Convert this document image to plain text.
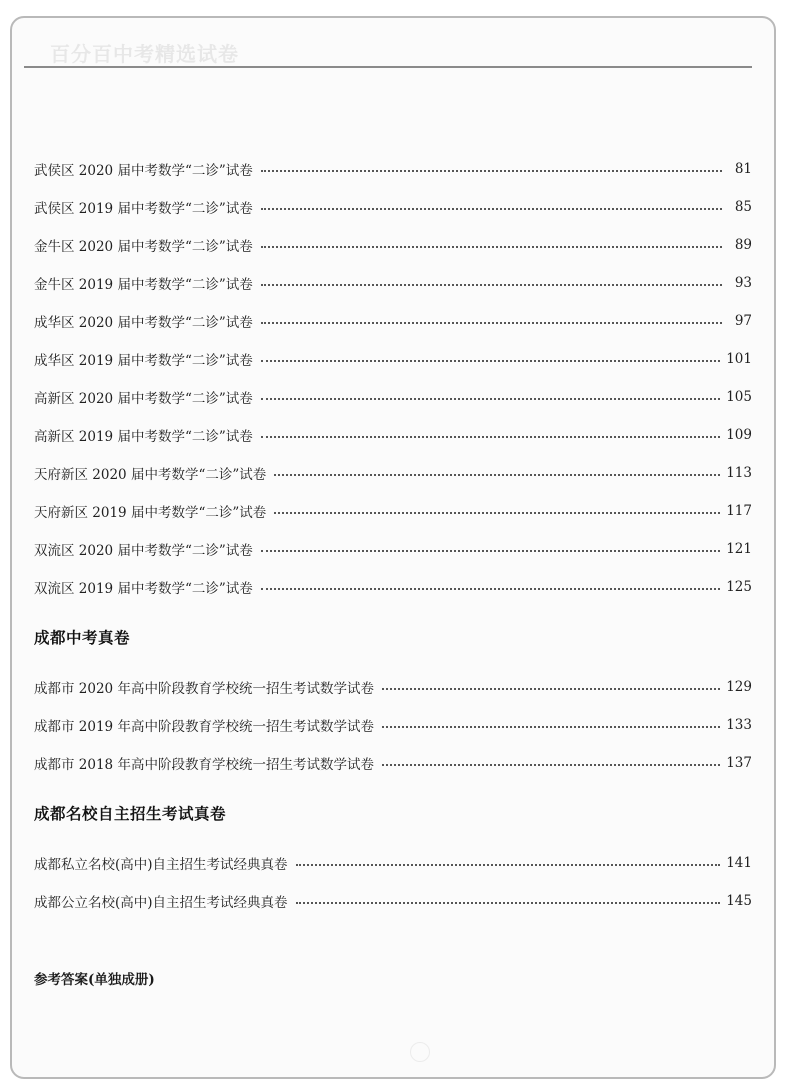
百分百中考精选试卷
武侯区 2020 届中考数学“二诊”试卷	81
武侯区 2019 届中考数学“二诊”试卷	85
金牛区 2020 届中考数学“二诊”试卷	89
金牛区 2019 届中考数学“二诊”试卷	93
成华区 2020 届中考数学“二诊”试卷	97
成华区 2019 届中考数学“二诊”试卷	101
高新区 2020 届中考数学“二诊”试卷	105
高新区 2019 届中考数学“二诊”试卷	109
天府新区 2020 届中考数学“二诊”试卷	113
天府新区 2019 届中考数学“二诊”试卷	117
双流区 2020 届中考数学“二诊”试卷	121
双流区 2019 届中考数学“二诊”试卷	125
成都中考真卷
成都市 2020 年高中阶段教育学校统一招生考试数学试卷	129
成都市 2019 年高中阶段教育学校统一招生考试数学试卷	133
成都市 2018 年高中阶段教育学校统一招生考试数学试卷	137
成都名校自主招生考试真卷
成都私立名校(高中)自主招生考试经典真卷	141
成都公立名校(高中)自主招生考试经典真卷	145
参考答案(单独成册)
